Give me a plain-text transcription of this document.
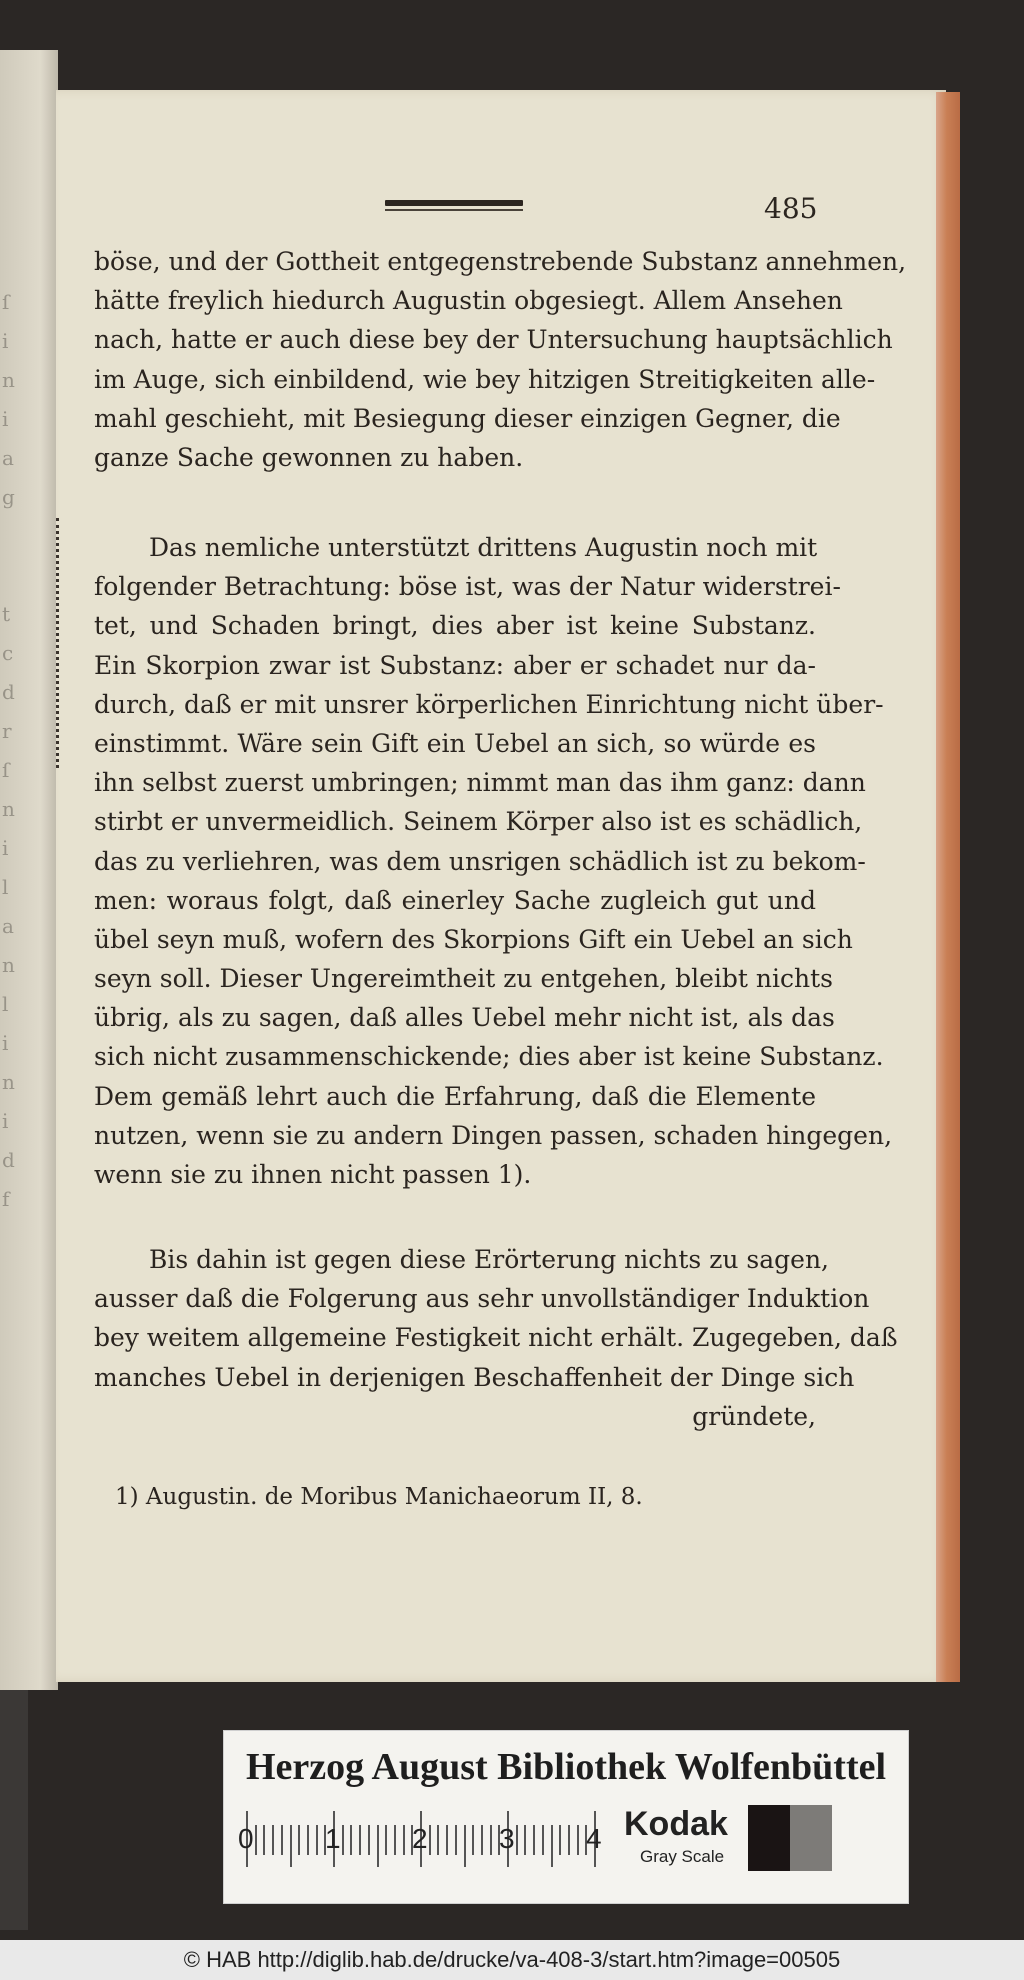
ſ
i
n
i
a
g
t
c
d
r
ſ
n
i
l
a
n
l
i
n
i
d
f
485
böse, und der Gottheit entgegenstrebende Substanz annehmen,
hätte freylich hiedurch Augustin obgesiegt. Allem Ansehen
nach, hatte er auch diese bey der Untersuchung hauptsächlich
im Auge, sich einbildend, wie bey hitzigen Streitigkeiten alle-
mahl geschieht, mit Besiegung dieser einzigen Gegner, die
ganze Sache gewonnen zu haben.
Das nemliche unterstützt drittens Augustin noch mit
folgender Betrachtung: böse ist, was der Natur widerstrei-
tet, und Schaden bringt, dies aber ist keine Substanz.
Ein Skorpion zwar ist Substanz: aber er schadet nur da-
durch, daß er mit unsrer körperlichen Einrichtung nicht über-
einstimmt. Wäre sein Gift ein Uebel an sich, so würde es
ihn selbst zuerst umbringen; nimmt man das ihm ganz: dann
stirbt er unvermeidlich. Seinem Körper also ist es schädlich,
das zu verliehren, was dem unsrigen schädlich ist zu bekom-
men: woraus folgt, daß einerley Sache zugleich gut und
übel seyn muß, wofern des Skorpions Gift ein Uebel an sich
seyn soll. Dieser Ungereimtheit zu entgehen, bleibt nichts
übrig, als zu sagen, daß alles Uebel mehr nicht ist, als das
sich nicht zusammenschickende; dies aber ist keine Substanz.
Dem gemäß lehrt auch die Erfahrung, daß die Elemente
nutzen, wenn sie zu andern Dingen passen, schaden hingegen,
wenn sie zu ihnen nicht passen 1).
Bis dahin ist gegen diese Erörterung nichts zu sagen,
ausser daß die Folgerung aus sehr unvollständiger Induktion
bey weitem allgemeine Festigkeit nicht erhält. Zugegeben, daß
manches Uebel in derjenigen Beschaffenheit der Dinge sich
gründete,
1) Augustin. de Moribus Manichaeorum II, 8.
Herzog August Bibliothek Wolfenbüttel
0	1	2	3	4 Kodak
Gray Scale
© HAB http://diglib.hab.de/drucke/va-408-3/start.htm?image=00505
